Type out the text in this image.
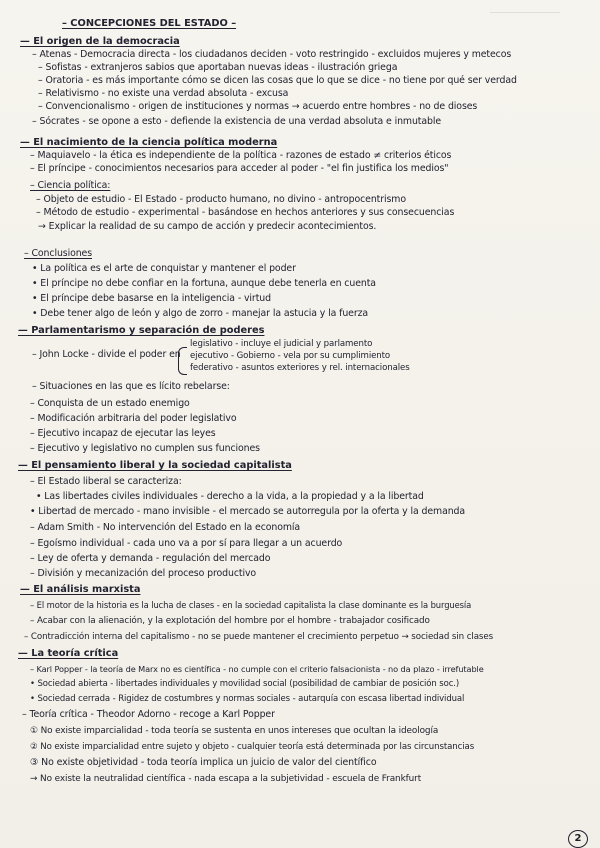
– CONCEPCIONES DEL ESTADO –
— El origen de la democracia
– Atenas - Democracia directa - los ciudadanos deciden - voto restringido - excluidos mujeres y metecos
– Sofistas - extranjeros sabios que aportaban nuevas ideas - ilustración griega
– Oratoria - es más importante cómo se dicen las cosas que lo que se dice - no tiene por qué ser verdad
– Relativismo - no existe una verdad absoluta - excusa
– Convencionalismo - origen de instituciones y normas → acuerdo entre hombres - no de dioses
– Sócrates - se opone a esto - defiende la existencia de una verdad absoluta e inmutable
— El nacimiento de la ciencia política moderna
– Maquiavelo - la ética es independiente de la política - razones de estado ≠ criterios éticos
– El príncipe - conocimientos necesarios para acceder al poder - "el fin justifica los medios"
– Ciencia política:
– Objeto de estudio - El Estado - producto humano, no divino - antropocentrismo
– Método de estudio - experimental - basándose en hechos anteriores y sus consecuencias
→ Explicar la realidad de su campo de acción y predecir acontecimientos.
– Conclusiones
• La política es el arte de conquistar y mantener el poder
• El príncipe no debe confiar en la fortuna, aunque debe tenerla en cuenta
• El príncipe debe basarse en la inteligencia - virtud
• Debe tener algo de león y algo de zorro - manejar la astucia y la fuerza
— Parlamentarismo y separación de poderes
– John Locke - divide el poder en
legislativo - incluye el judicial y parlamento
ejecutivo - Gobierno - vela por su cumplimiento
federativo - asuntos exteriores y rel. internacionales
– Situaciones en las que es lícito rebelarse:
– Conquista de un estado enemigo
– Modificación arbitraria del poder legislativo
– Ejecutivo incapaz de ejecutar las leyes
– Ejecutivo y legislativo no cumplen sus funciones
— El pensamiento liberal y la sociedad capitalista
– El Estado liberal se caracteriza:
• Las libertades civiles individuales - derecho a la vida, a la propiedad y a la libertad
• Libertad de mercado - mano invisible - el mercado se autorregula por la oferta y la demanda
– Adam Smith - No intervención del Estado en la economía
– Egoísmo individual - cada uno va a por sí para llegar a un acuerdo
– Ley de oferta y demanda - regulación del mercado
– División y mecanización del proceso productivo
— El análisis marxista
– El motor de la historia es la lucha de clases - en la sociedad capitalista la clase dominante es la burguesía
– Acabar con la alienación, y la explotación del hombre por el hombre - trabajador cosificado
– Contradicción interna del capitalismo - no se puede mantener el crecimiento perpetuo → sociedad sin clases
— La teoría crítica
– Karl Popper - la teoría de Marx no es científica - no cumple con el criterio falsacionista - no da plazo - irrefutable
• Sociedad abierta - libertades individuales y movilidad social (posibilidad de cambiar de posición soc.)
• Sociedad cerrada - Rigidez de costumbres y normas sociales - autarquía con escasa libertad individual
– Teoría crítica - Theodor Adorno - recoge a Karl Popper
① No existe imparcialidad - toda teoría se sustenta en unos intereses que ocultan la ideología
② No existe imparcialidad entre sujeto y objeto - cualquier teoría está determinada por las circunstancias
③ No existe objetividad - toda teoría implica un juicio de valor del científico
→ No existe la neutralidad científica - nada escapa a la subjetividad - escuela de Frankfurt
2
